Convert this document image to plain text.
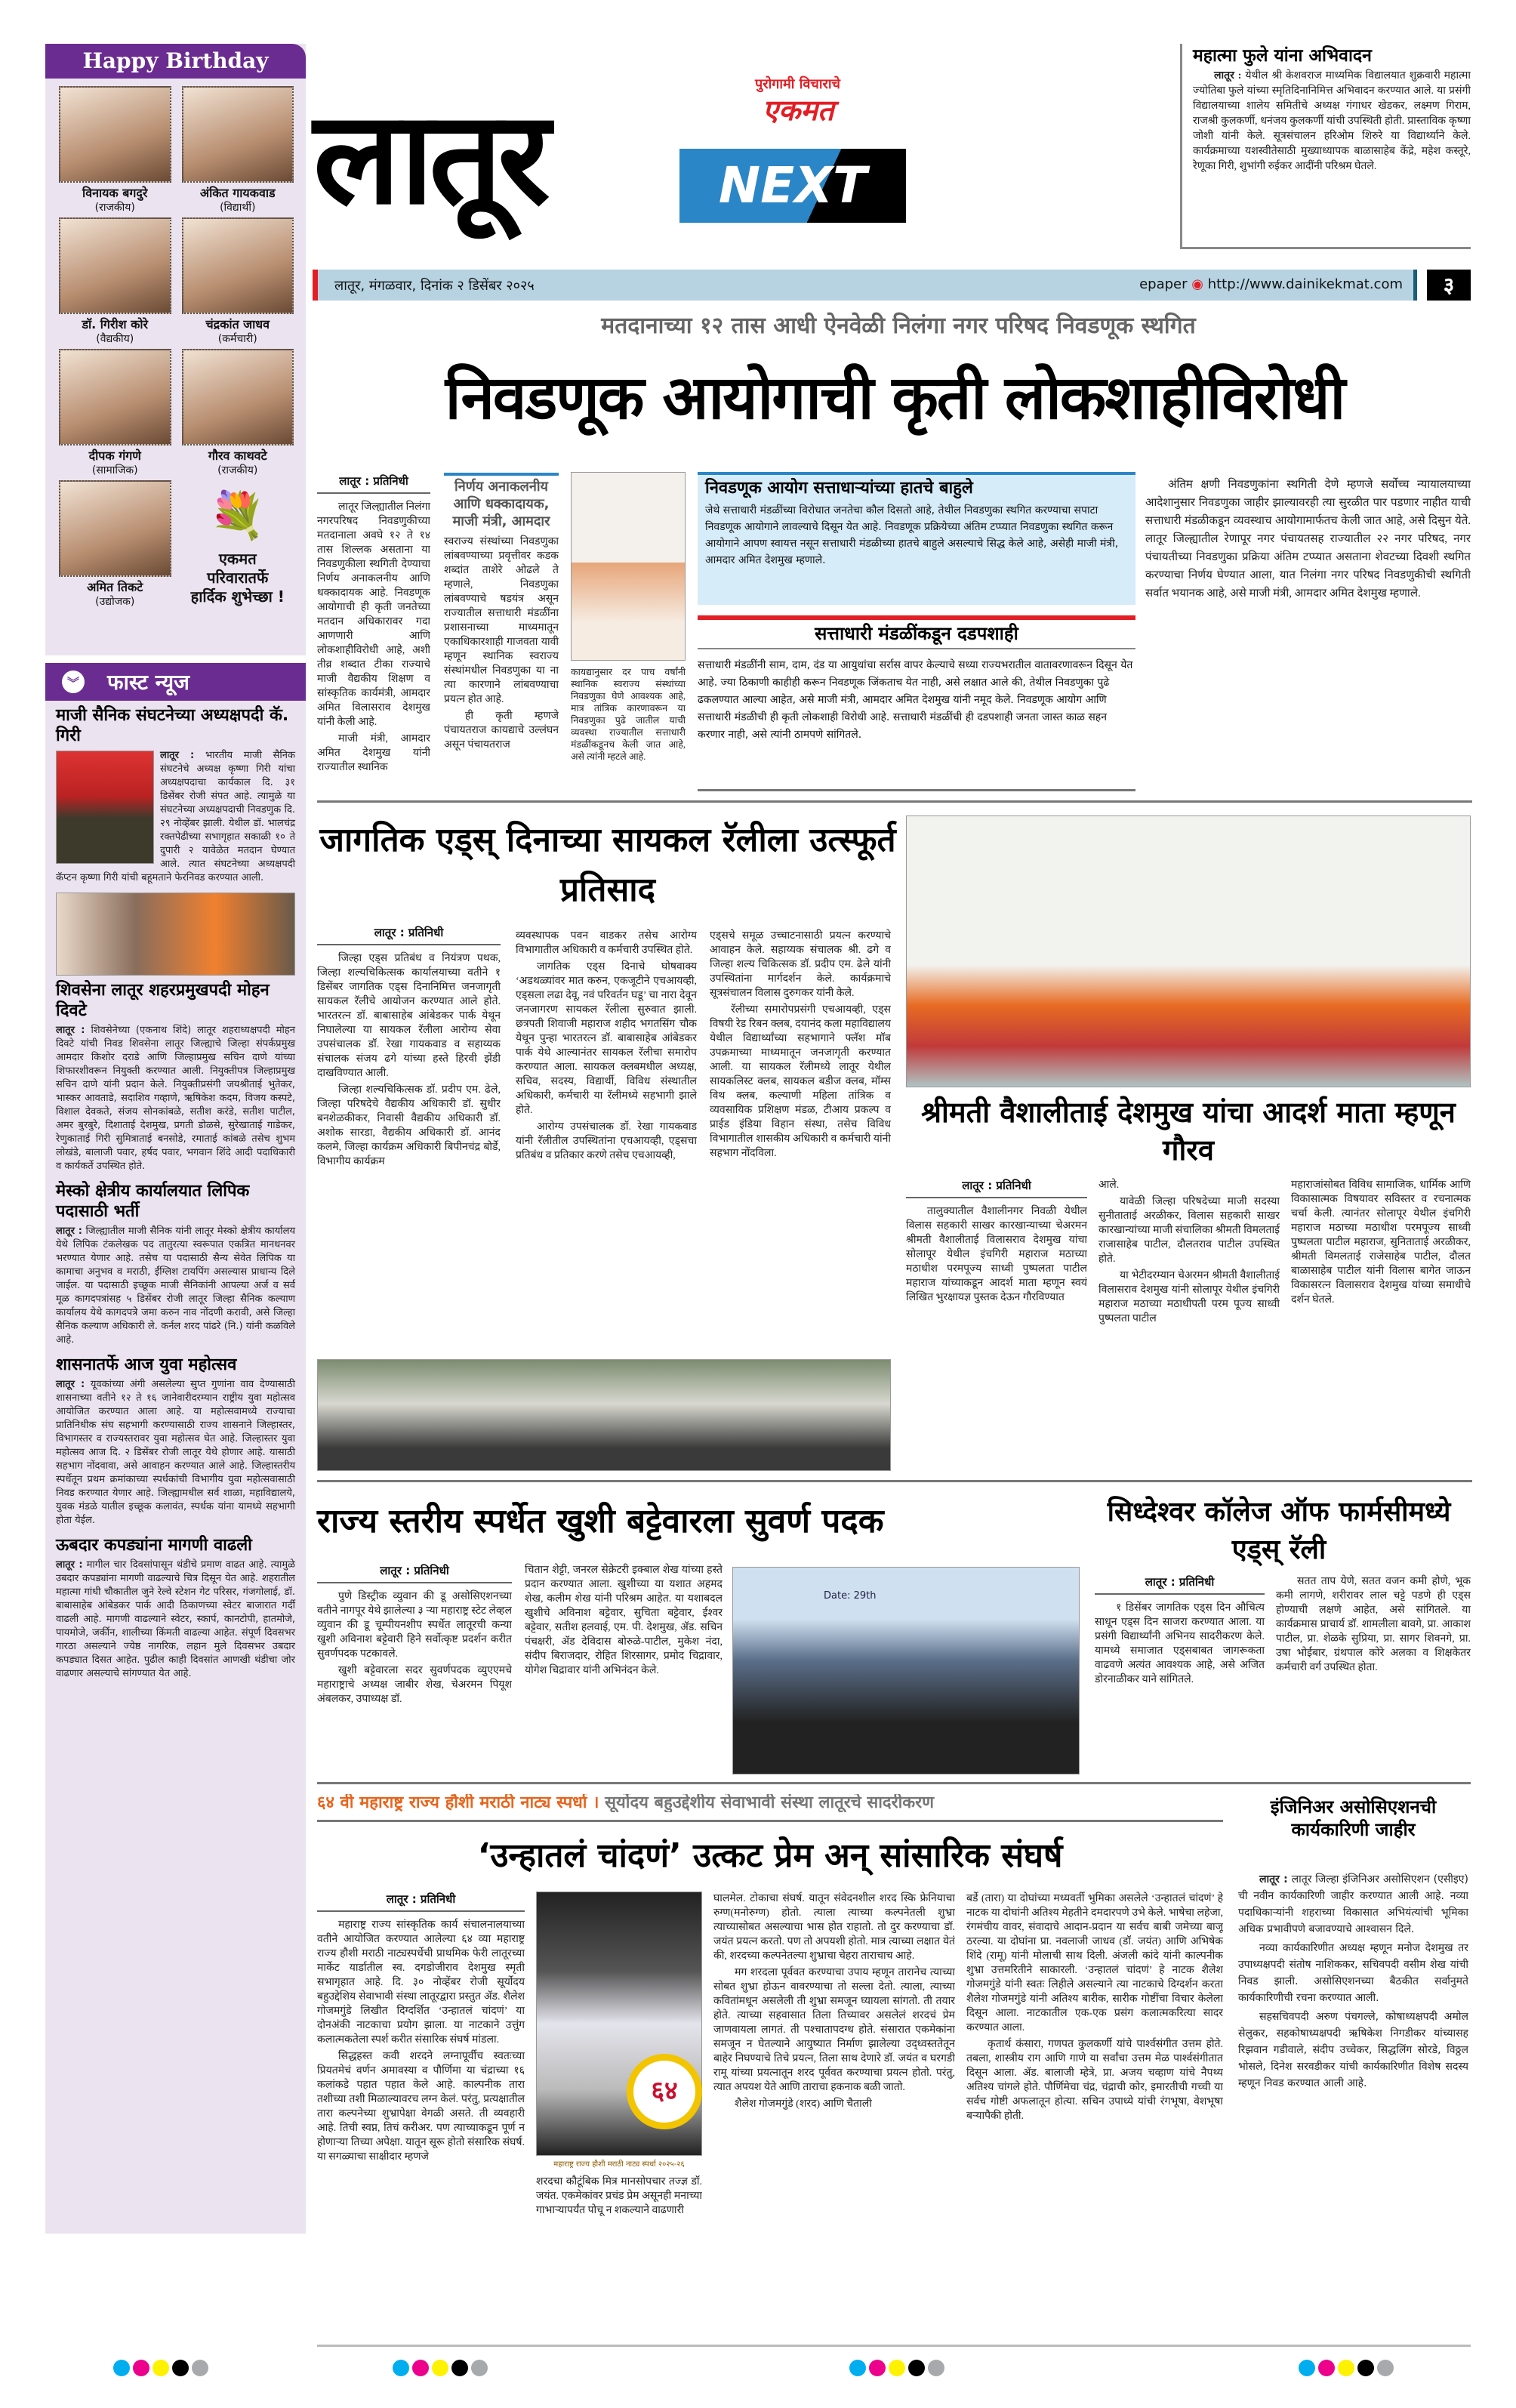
Happy Birthday
विनायक बगदुरे
(राजकीय)
अंकित गायकवाड
(विद्यार्थी)
डॉ. गिरीश कोरे
(वैद्यकीय)
चंद्रकांत जाधव
(कर्मचारी)
दीपक गंगणे
(सामाजिक)
गौरव काथवटे
(राजकीय)
अमित तिकटे
(उद्योजक)
💐
एकमत
परिवारातर्फे
हार्दिक शुभेच्छा !
︾ फास्ट न्यूज
माजी सैनिक संघटनेच्या अध्यक्षपदी कॅ. गिरी
लातूर : भारतीय माजी सैनिक संघटनेचे अध्यक्ष कृष्णा गिरी यांचा अध्यक्षपदाचा कार्यकाल दि. ३१ डिसेंबर रोजी संपत आहे. त्यामुळे या संघटनेच्या अध्यक्षपदाची निवडणुक दि. २९ नोव्हेंबर झाली. येथील डॉ. भालचंद्र रक्तपेढीच्या सभागृहात सकाळी १० ते दुपारी २ यावेळेत मतदान घेण्यात आले. त्यात संघटनेच्या अध्यक्षपदी कॅप्टन कृष्णा गिरी यांची बहूमताने फेरनिवड करण्यात आली.
शिवसेना लातूर शहरप्रमुखपदी मोहन दिवटे
लातूर : शिवसेनेच्या (एकनाथ शिंदे) लातूर शहराध्यक्षपदी मोहन दिवटे यांची निवड शिवसेना लातूर जिल्ह्याचे जिल्हा संपर्कप्रमुख आमदार किशोर दराडे आणि जिल्हाप्रमुख सचिन दाणे यांच्या शिफारशीवरून नियुक्ती करण्यात आली. नियुक्तीपत्र जिल्हाप्रमुख सचिन दाणे यांनी प्रदान केले. नियुक्तीप्रसंगी जयश्रीताई भुतेकर, भास्कर आवताडे, सदाशिव गव्हाणे, ऋषिकेश कदम, विजय कस्पटे, विशाल देवकते, संजय सोनकांबळे, सतीश करंडे, सतीश पाटील, अमर बुरबुरे, दिशाताई देशमुख, प्रगती डोळसे, सुरेखाताई गाडेकर, रेणुकाताई गिरी सुमित्राताई बनसोडे, रमाताई कांबळे तसेच शुभम लोखंडे, बालाजी पवार, हर्षद पवार, भगवान शिंदे आदी पदाधिकारी व कार्यकर्ते उपस्थित होते.
मेस्को क्षेत्रीय कार्यालयात लिपिक पदासाठी भर्ती
लातूर : जिल्ह्यातील माजी सैनिक यांनी लातूर मेस्को क्षेत्रीय कार्यालय येथे लिपिक टंकलेखक पद तातुरत्या स्वरूपात एकत्रित मानधनवर भरण्यात येणार आहे. तसेच या पदासाठी सैन्य सेवेत लिपिक या कामाचा अनुभव व मराठी, ईंग्लिश टायपिंग असल्यास प्राधान्य दिले जाईल. या पदासाठी इच्छूक माजी सैनिकांनी आपल्या अर्ज व सर्व मूळ कागदपत्रांसह ५ डिसेंबर रोजी लातूर जिल्हा सैनिक कल्याण कार्यालय येथे कागदपत्रे जमा करुन नाव नोंदणी करावी, असे जिल्हा सैनिक कल्याण अधिकारी ले. कर्नल शरद पांढरे (नि.) यांनी कळविले आहे.
शासनातर्फे आज युवा महोत्सव
लातूर : यूवकांच्या अंगी असलेल्या सुप्त गुणांना वाव देण्यासाठी शासनाच्या वतीने १२ ते १६ जानेवारीदरम्यान राष्ट्रीय युवा महोत्सव आयोजित करण्यात आला आहे. या महोत्सवामध्ये राज्याचा प्रातिनिधीक संघ सहभागी करण्यासाठी राज्य शासनाने जिल्हास्तर, विभागस्तर व राज्यस्तरावर युवा महोत्सव घेत आहे. जिल्हास्तर युवा महोत्सव आज दि. २ डिसेंबर रोजी लातूर येथे होणार आहे. यासाठी सहभाग नोंदवावा, असे आवाहन करण्यात आले आहे. जिल्हास्तरीय स्पर्धेतून प्रथम क्रमांकाच्या स्पर्धकांची विभागीय युवा महोत्सवासाठी निवड करण्यात येणार आहे. जिल्ह्यामधील सर्व शाळा, महाविद्यालये, युवक मंडळे यातील इच्छूक कलावंत, स्पर्धक यांना यामध्ये सहभागी होता येईल.
ऊबदार कपड्यांना मागणी वाढली
लातूर : मागील चार दिवसांपासून थंडीचे प्रमाण वाढत आहे. त्यामुळे उबदार कपड्यांना मागणी वाढल्याचे चित्र दिसून येत आहे. शहरातील महात्मा गांधी चौकातील जुने रेल्वे स्टेशन गेट परिसर, गंजगोलाई, डॉ. बाबासाहेब आंबेडकर पार्क आदी ठिकाणच्या स्वेटर बाजारात गर्दी वाढली आहे. मागणी वाढल्याने स्वेटर, स्कार्प, कानटोपी, हातमोजे, पायमोजे, जर्कीन, शालीच्या किंमती वाढल्या आहेत. संपूर्ण दिवसभर गारठा असल्याने ज्येष्ठ नागरिक, लहान मुले दिवसभर उबदार कपड्यात दिसत आहेत. पुढील काही दिवसांत आणखी थंडीचा जोर वाढणार असल्याचे सांगण्यात येत आहे.
लातूर	NEXT
पुरोगामी विचाराचे
एकमत
लातूर, मंगळवार, दिनांक २ डिसेंबर २०२५	epaper ◉ http://www.dainikekmat.com	३
महात्मा फुले यांना अभिवादन
लातूर : येथील श्री केशवराज माध्यमिक विद्यालयात शुक्रवारी महात्मा ज्योतिबा फुले यांच्या स्मृतिदिनानिमित्त अभिवादन करण्यात आले. या प्रसंगी विद्यालयाच्या शालेय समितीचे अध्यक्ष गंगाधर खेडकर, लक्ष्मण गिराम, राजश्री कुलकर्णी, धनंजय कुलकर्णी यांची उपस्थिती होती. प्रास्ताविक कृष्णा जोशी यांनी केले. सूत्रसंचालन हरिओम शिरुरे या विद्यार्थ्याने केले. कार्यक्रमाच्या यशस्वीतेसाठी मुख्याध्यापक बाळासाहेब केंद्रे, महेश कस्तूरे, रेणूका गिरी, शुभांगी रुईकर आदींनी परिश्रम घेतले.
मतदानाच्या १२ तास आधी ऐनवेळी निलंगा नगर परिषद निवडणूक स्थगित
निवडणूक आयोगाची कृती लोकशाहीविरोधी
लातूर : प्रतिनिधी

लातूर जिल्ह्यातील निलंगा नगरपरिषद निवडणुकीच्या मतदानाला अवघे १२ ते १४ तास शिल्लक असताना या निवडणुकीला स्थगिती देण्याचा निर्णय अनाकलनीय आणि धक्कादायक आहे. निवडणूक आयोगाची ही कृती जनतेच्या मतदान अधिकारावर गदा आणणारी आणि लोकशाहीविरोधी आहे, अशी तीव्र शब्दात टीका राज्याचे माजी वैद्यकीय शिक्षण व सांस्कृतिक कार्यमंत्री, आमदार अमित विलासराव देशमुख यांनी केली आहे.

माजी मंत्री, आमदार अमित देशमुख यांनी राज्यातील स्थानिक

निर्णय अनाकलनीय आणि धक्कादायक, माजी मंत्री, आमदार

स्वराज्य संस्थांच्या निवडणुका लांबवण्याच्या प्रवृत्तीवर कडक शब्दांत ताशेरे ओढले ते म्हणाले, निवडणुका लांबवण्याचे षडयंत्र असून राज्यातील सत्ताधारी मंडळींना प्रशासनाच्या माध्यमातून एकाधिकारशाही गाजवता यावी म्हणून स्थानिक स्वराज्य संस्थांमधील निवडणुका या ना त्या कारणाने लांबवण्याचा प्रयत्न होत आहे.

ही कृती म्हणजे पंचायतराज कायद्याचे उल्लंघन असून पंचायतराज

कायद्यानुसार दर पाच वर्षांनी स्थानिक स्वराज्य संस्थांच्या निवडणुका घेणे आवश्यक आहे, मात्र तांत्रिक कारणावरून या निवडणुका पुढे जातील याची व्यवस्था राज्यातील सत्ताधारी मंडळींकडूनच केली जात आहे, असे त्यांनी म्हटले आहे.
निवडणूक आयोग सत्ताधाऱ्यांच्या हातचे बाहुले
जेथे सत्ताधारी मंडळींच्या विरोधात जनतेचा कौल दिसतो आहे, तेथील निवडणुका स्थगित करण्याचा सपाटा निवडणूक आयोगाने लावल्याचे दिसून येत आहे. निवडणूक प्रक्रियेच्या अंतिम टप्प्यात निवडणुका स्थगित करून आयोगाने आपण स्वायत्त नसून सत्ताधारी मंडळीच्या हातचे बाहुले असल्याचे सिद्ध केले आहे, असेही माजी मंत्री, आमदार अमित देशमुख म्हणाले.
सत्ताधारी मंडळींकडून दडपशाही
सत्ताधारी मंडळींनी साम, दाम, दंड या आयुधांचा सर्रास वापर केल्याचे सध्या राज्यभरातील वातावरणावरून दिसून येत आहे. ज्या ठिकाणी काहीही करून निवडणूक जिंकताच येत नाही, असे लक्षात आले की, तेथील निवडणुका पुढे ढकलण्यात आल्या आहेत, असे माजी मंत्री, आमदार अमित देशमुख यांनी नमूद केले. निवडणूक आयोग आणि सत्ताधारी मंडळीची ही कृती लोकशाही विरोधी आहे. सत्ताधारी मंडळींची ही दडपशाही जनता जास्त काळ सहन करणार नाही, असे त्यांनी ठामपणे सांगितले.
अंतिम क्षणी निवडणुकांना स्थगिती देणे म्हणजे सर्वोच्च न्यायालयाच्या आदेशानुसार निवडणुका जाहीर झाल्यावरही त्या सुरळीत पार पडणार नाहीत याची सत्ताधारी मंडळीकडून व्यवस्थाच आयोगामार्फतच केली जात आहे, असे दिसुन येते. लातूर जिल्ह्यातील रेणापूर नगर पंचायतसह राज्यातील २२ नगर परिषद, नगर पंचायतीच्या निवडणुका प्रक्रिया अंतिम टप्प्यात असताना शेवटच्या दिवशी स्थगित करण्याचा निर्णय घेण्यात आला, यात निलंगा नगर परिषद निवडणुकीची स्थगिती सर्वात भयानक आहे, असे माजी मंत्री, आमदार अमित देशमुख म्हणाले.
जागतिक एड्स् दिनाच्या सायकल रॅलीला उत्स्फूर्त प्रतिसाद
लातूर : प्रतिनिधी

जिल्हा एड्स प्रतिबंध व नियंत्रण पथक, जिल्हा शल्यचिकित्सक कार्यालयाच्या वतीने १ डिसेंबर जागतिक एड्स दिनानिमित्त जनजागृती सायकल रॅलीचे आयोजन करण्यात आले होते. भारतरत्न डॉ. बाबासाहेब आंबेडकर पार्क येथून निघालेल्या या सायकल रॅलीला आरोग्य सेवा उपसंचालक डॉ. रेखा गायकवाड व सहाय्यक संचालक संजय ढगे यांच्या हस्ते हिरवी झेंडी दाखविण्यात आली.

जिल्हा शल्यचिकित्सक डॉ. प्रदीप एम. ढेले, जिल्हा परिषदेचे वैद्यकीय अधिकारी डॉ. सुधीर बनशेळकीकर, निवासी वैद्यकीय अधिकारी डॉ. अशोक सारडा, वैद्यकीय अधिकारी डॉ. आनंद कलमे, जिल्हा कार्यक्रम अधिकारी बिपीनचंद्र बोर्डे, विभागीय कार्यक्रम

व्यवस्थापक पवन वाडकर तसेच आरोग्य विभागातील अधिकारी व कर्मचारी उपस्थित होते.

जागतिक एड्स दिनाचे घोषवाक्य ‘अडथळ्यांवर मात करुन, एकजूटीने एचआयव्ही, एड्सला लढा देवू, नवं परिवर्तन घडू’ चा नारा देवून जनजागरण सायकल रॅलीला सुरुवात झाली. छत्रपती शिवाजी महाराज शहीद भगतसिंग चौक येथून पुन्हा भारतरत्न डॉ. बाबासाहेब आंबेडकर पार्क येथे आल्यानंतर सायकल रॅलीचा समारोप करण्यात आला. सायकल क्लबमधील अध्यक्ष, सचिव, सदस्य, विद्यार्थी, विविध संस्थातील अधिकारी, कर्मचारी या रॅलीमध्ये सहभागी झाले होते.

आरोग्य उपसंचालक डॉ. रेखा गायकवाड यांनी रॅलीतील उपस्थितांना एचआयव्ही, एड्सचा प्रतिबंध व प्रतिकार करणे तसेच एचआयव्ही,

एड्सचे समूळ उच्चाटनासाठी प्रयत्न करण्याचे आवाहन केले. सहाय्यक संचालक श्री. ढगे व जिल्हा शल्य चिकित्सक डॉ. प्रदीप एम. ढेले यांनी उपस्थितांना मार्गदर्शन केले. कार्यक्रमाचे सूत्रसंचालन विलास दुरुगकर यांनी केले.

रॅलीच्या समारोपप्रसंगी एचआयव्ही, एड्स विषयी रेड रिबन क्लब, दयानंद कला महाविद्यालय येथील विद्यार्थ्यांच्या सहभागाने फ्लॅश मॉब उपक्रमाच्या माध्यमातून जनजागृती करण्यात आली. या सायकल रॅलीमध्ये लातूर येथील सायकलिस्ट क्लब, सायकल बडीज क्लब, मॉम्स विथ क्लब, कल्याणी महिला तांत्रिक व व्यवसायिक प्रशिक्षण मंडळ, टीआय प्रकल्प व प्राईड इंडिया विहान संस्था, तसेच विविध विभागातील शासकीय अधिकारी व कर्मचारी यांनी सहभाग नोंदविला.

श्रीमती वैशालीताई देशमुख यांचा आदर्श माता म्हणून गौरव
लातूर : प्रतिनिधी
तालुक्यातील वैशालीनगर निवळी येथील विलास सहकारी साखर कारखान्याच्या चेअरमन श्रीमती वैशालीताई विलासराव देशमुख यांचा सोलापूर येथील इंचगिरी महाराज मठाच्या मठाधीश परमपूज्य साध्वी पुष्पलता पाटील महाराज यांच्याकडून आदर्श माता म्हणून स्वयं लिखित भुरक्षायज्ञ पुस्तक देऊन गौरविण्यात

आले.

यावेळी जिल्हा परिषदेच्या माजी सदस्या सुनीताताई अरळीकर, विलास सहकारी साखर कारखान्यांच्या माजी संचालिका श्रीमती विमलताई राजासाहेब पाटील, दौलतराव पाटील उपस्थित होते.

या भेटीदरम्यान चेअरमन श्रीमती वैशालीताई विलासराव देशमुख यांनी सोलापूर येथील इंचगिरी महाराज मठाच्या मठाधीपती परम पूज्य साध्वी पुष्पलता पाटील

महाराजांसोबत विविध सामाजिक, धार्मिक आणि विकासात्मक विषयावर सविस्तर व रचनात्मक चर्चा केली. त्यानंतर सोलापूर येथील इंचगिरी महाराज मठाच्या मठाधीश परमपूज्य साध्वी पुष्पलता पाटील महाराज, सुनिताताई अरळीकर, श्रीमती विमलताई राजेसाहेब पाटील, दौलत बाळासाहेब पाटील यांनी विलास बागेत जाऊन विकासरत्न विलासराव देशमुख यांच्या समाधीचे दर्शन घेतले.
राज्य स्तरीय स्पर्धेत खुशी बट्टेवारला सुवर्ण पदक
लातूर : प्रतिनिधी

पुणे डिस्ट्रीक व्युवान की डू असोसिएशनच्या वतीने नागपूर येथे झालेल्या ३ ऱ्या महाराष्ट्र स्टेट लेव्हल व्युवान की डू चूम्पीयनशीप स्पर्धेत लातूरची कन्या खुशी अविनाश बट्टेवारी हिने सर्वोत्कृष्ट प्रदर्शन करीत सुवर्णपदक पटकावले.

खुशी बट्टेवारला सदर सुवर्णपदक व्युएएमचे महाराष्ट्राचे अध्यक्ष जाबीर शेख, चेअरमन पियूश अंबलकर, उपाध्यक्ष डॉ.

चितान शेट्टी, जनरल सेक्रेटरी इक्बाल शेख यांच्या हस्ते प्रदान करण्यात आला. खुशीच्या या यशात अहमद शेख, कलीम शेख यांनी परिश्रम आहेत. या यशाबदल खुशीचे अविनाश बट्टेवार, सुचिता बट्टेवार, ईश्वर बट्टेवार, सतीश हलवाई, एम. पी. देशमुख, ॲड. सचिन पंचक्षरी, ॲड देविदास बोरुळे-पाटील, मुकेश नंदा, संदीप बिराजदार, रोहित शिरसागर, प्रमोद चिद्रावार, योगेश चिद्रावार यांनी अभिनंदन केले.
Date: 29th
सिध्देश्वर कॉलेज ऑफ फार्मसीमध्ये एड्स् रॅली
लातूर : प्रतिनिधी
१ डिसेंबर जागतिक एड्स दिन औचित्य साधून एड्स दिन साजरा करण्यात आला. या प्रसंगी विद्यार्थ्यांनी अभिनय सादरीकरण केले. यामध्ये समाजात एड्सबाबत जागरूकता वाढवणे अत्यंत आवश्यक आहे, असे अजित डोरनाळीकर याने सांगितले.
सतत ताप येणे, सतत वजन कमी होणे, भूक कमी लागणे, शरीरावर लाल चट्टे पडणे ही एड्स होण्याची लक्षणे आहेत, असे सांगितले. या कार्यक्रमास प्राचार्य डॉ. शामलीला बावगे, प्रा. आकाश पाटील, प्रा. शेळके सुप्रिया, प्रा. सागर शिवनगे, प्रा. उषा भोईबार, ग्रंथपाल कोरे अलका व शिक्षकेतर कर्मचारी वर्ग उपस्थित होता.
६४ वी महाराष्ट्र राज्य हौशी मराठी नाट्य स्पर्धा । सूर्योदय बहुउद्देशीय सेवाभावी संस्था लातूरचे सादरीकरण
‘उन्हातलं चांदणं’ उत्कट प्रेम अन् सांसारिक संघर्ष
लातूर : प्रतिनिधी

महाराष्ट्र राज्य सांस्कृतिक कार्य संचालनालयाच्या वतीने आयोजित करण्यात आलेल्या ६४ व्या महाराष्ट्र राज्य हौशी मराठी नाट्यस्पर्धेची प्राथमिक फेरी लातूरच्या मार्केट यार्डातील स्व. दगडोजीराव देशमुख स्मृती सभागृहात आहे. दि. ३० नोव्हेंबर रोजी सूर्योदय बहुउद्देशिय सेवाभावी संस्था लातूरद्वारा प्रस्तुत ॲड. शैलेश गोजमगुंडे लिखीत दिग्दर्शित ‘उन्हातलं चांदणं’ या दोनअंकी नाटकाचा प्रयोग झाला. या नाटकाने उत्तुंग कलात्मकतेला स्पर्श करीत संसारिक संघर्ष मांडला.

सिद्धहस्त कवी शरदने लग्नापूर्वीच स्वतःच्या प्रियतमेचं वर्णन अमावस्या व पौर्णिमा या चंद्राच्या १६ कलांकडे पहात पहात केले आहे. काल्पनीक तारा तशीच्या तशी मिळाल्यावरच लग्न केलं. परंतु, प्रत्यक्षातील तारा कल्पनेच्या शुभ्रापेक्षा वेगळी असते. ती व्यवहारी आहे. तिची स्वप्न, तिचं करीअर. पण त्याच्याकडून पूर्ण न होणाऱ्या तिच्या अपेक्षा. यातून सूरू होतो संसारिक संघर्ष. या सगळ्याचा साक्षीदार म्हणजे

६४
महाराष्ट्र राज्य हौशी मराठी नाट्य स्पर्धा २०२५-२६
शरदचा कौटूंबिक मित्र मानसोपचार तज्ज्ञ डॉ. जयंत. एकमेकांवर प्रचंड प्रेम असूनही मनाच्या गाभाऱ्यापर्यंत पोचू न शकल्याने वाढणारी

घालमेल. टोकाचा संघर्ष. यातून संवेदनशील शरद स्कि फ्रेनियाचा रुग्ण(मनोरुग्ण) होतो. त्याला त्याच्या कल्पनेतली शुभ्रा त्याच्यासोबत असल्याचा भास होत राहातो. तो दुर करण्याचा डॉ. जयंत प्रयत्न करतो. पण तो अपयशी होतो. मात्र त्याच्या लक्षात येतं की, शरदच्या कल्पनेतल्या शुभ्राचा चेहरा ताराचाच आहे.

मग शरदला पूर्ववत करण्याचा उपाय म्हणून तारानेच त्याच्या सोबत शुभ्रा होऊन वावरण्याचा तो सल्ला देतो. त्याला, त्याच्या कवितांमधून असलेली ती शुभ्रा समजून घ्यायला सांगतो. ती तयार होते. त्याच्या सहवासात तिला तिच्यावर असलेलं शरदचं प्रेम जाणवायला लागतं. ती पश्चातापदग्ध होते. संसारात एकमेकांना समजून न घेतल्याने आयुष्यात निर्माण झालेल्या उद्ध्वस्ततेतून बाहेर निघण्याचे तिचे प्रयत्न, तिला साथ देणारे डॉ. जयंत व घरगडी रामू यांच्या प्रयत्नातून शरद पूर्ववत करण्याचा प्रयत्न होतो. परंतु, त्यात अपयश येते आणि ताराचा हकनाक बळी जातो.

शैलेश गोजमगुंडे (शरद) आणि चैताली

बर्डे (तारा) या दोघांच्या मध्यवर्ती भुमिका असलेले ‘उन्हातलं चांदणं’ हे नाटक या दोघांनी अतिश्य मेहतीने दमदारपणे उभे केले. भाषेचा लहेजा, रंगमंचीय वावर, संवादाचे आदान-प्रदान या सर्वच बाबी जमेच्या बाजू ठरल्या. या दोघांना प्रा. नवलाजी जाधव (डॉ. जयंत) आणि अभिषेक शिंदे (रामू) यांनी मोलाची साथ दिली. अंजली कांदे यांनी काल्पनीक शुभ्रा उत्तमरितीने साकारली. ‘उन्हातलं चांदणं’ हे नाटक शैलेश गोजमगुंडे यांनी स्वतः लिहीले असल्याने त्या नाटकाचे दिग्दर्शन करता शैलेश गोजमगुंडे यांनी अतिश्य बारीक, सारीक गोष्टींचा विचार केलेला दिसून आला. नाटकातील एक-एक प्रसंग कलात्मकरित्या सादर करण्यात आला.

कृतार्थ कंसारा, गणपत कुलकर्णी यांचे पार्श्वसंगीत उत्तम होते. तबला, शास्त्रीय राग आणि गाणे या सर्वांचा उत्तम मेळ पार्श्वसंगीतात दिसून आला. ॲड. बालाजी म्हेत्रे, प्रा. अजय चव्हाण यांचे नैपथ्य अतिश्य चांगले होते. पौर्णिमेचा चंद्र, चंद्राची कोर, इमारतीची गच्ची या सर्वच गोष्टी अफलातून होत्या. सचिन उपाध्ये यांची रंगभूषा, वेशभूषा बऱ्यापैकी होती.

इंजिनिअर असोसिएशनची कार्यकारिणी जाहीर

लातूर : लातूर जिल्हा इंजिनिअर असोसिएशन (एसीइए) ची नवीन कार्यकारिणी जाहीर करण्यात आली आहे. नव्या पदाधिकाऱ्यांनी शहराच्या विकासात अभियंत्यांची भूमिका अधिक प्रभावीपणे बजावण्याचे आश्वासन दिले.

नव्या कार्यकारिणीत अध्यक्ष म्हणून मनोज देशमुख तर उपाध्यक्षपदी संतोष नाशिककर, सचिवपदी वसीम शेख यांची निवड झाली. असोसिएशनच्या बैठकीत सर्वानुमते कार्यकारिणीची रचना करण्यात आली.

सहसचिवपदी अरुण पंचगल्ले, कोषाध्यक्षपदी अमोल सेलुकर, सहकोषाध्यक्षपदी ऋषिकेश निगडीकर यांच्यासह रिझवान गडीवाले, संदीप उच्चेकर, सिद्धलिंग सोरडे, विठ्ठल भोसले, दिनेश सरवडीकर यांची कार्यकारिणीत विशेष सदस्य म्हणून निवड करण्यात आली आहे.
